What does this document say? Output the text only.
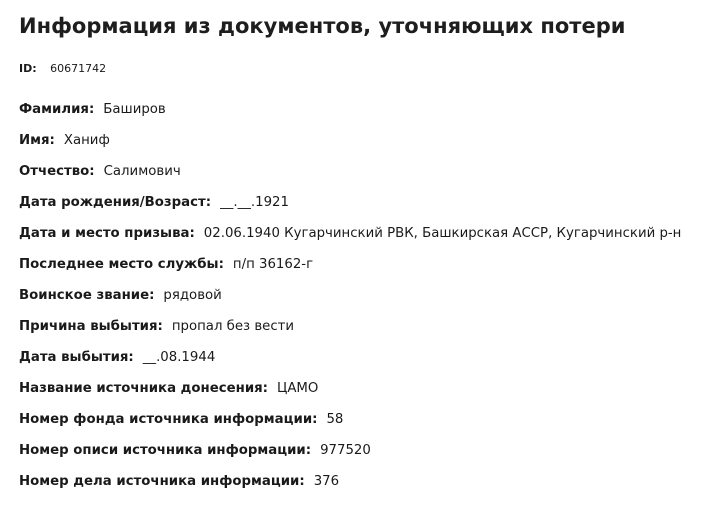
Информация из документов, уточняющих потери
ID: 60671742
Фамилия: Баширов
Имя: Ханиф
Отчество: Салимович
Дата рождения/Возраст: __.__.1921
Дата и место призыва: 02.06.1940 Кугарчинский РВК, Башкирская АССР, Кугарчинский р-н
Последнее место службы: п/п 36162-г
Воинское звание: рядовой
Причина выбытия: пропал без вести
Дата выбытия: __.08.1944
Название источника донесения: ЦАМО
Номер фонда источника информации: 58
Номер описи источника информации: 977520
Номер дела источника информации: 376
